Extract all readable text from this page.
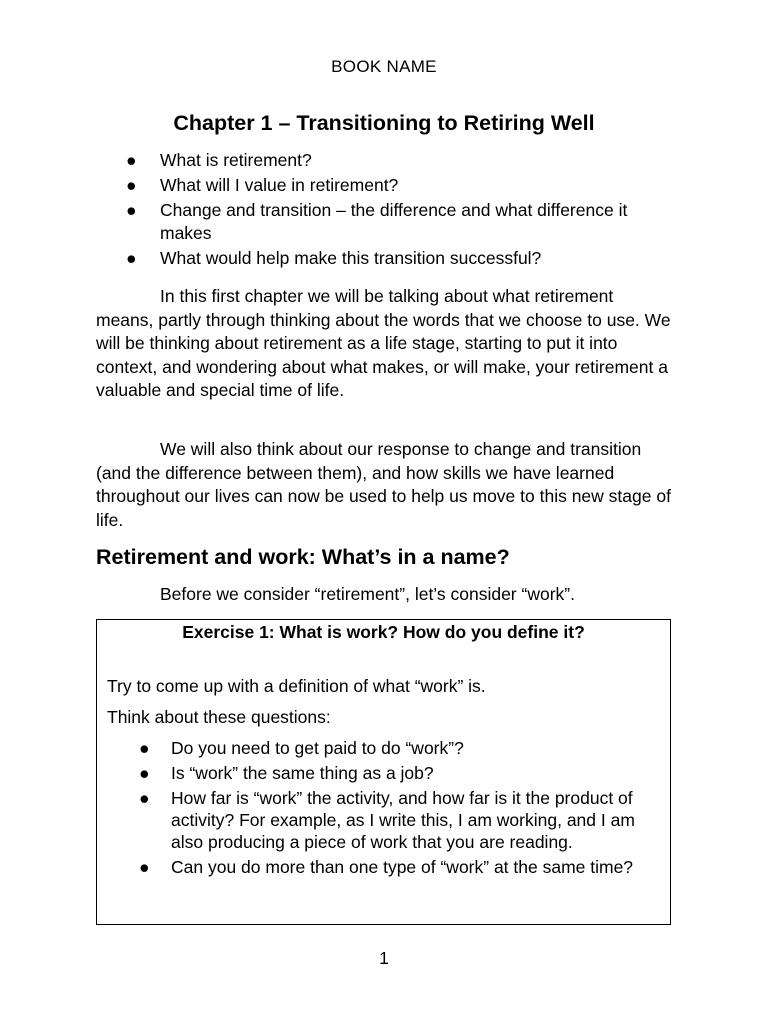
BOOK NAME
Chapter 1 – Transitioning to Retiring Well
● What is retirement?
● What will I value in retirement?
● Change and transition – the difference and what difference it makes
● What would help make this transition successful?

In this first chapter we will be talking about what retirement means, partly through thinking about the words that we choose to use. We will be thinking about retirement as a life stage, starting to put it into context, and wondering about what makes, or will make, your retirement a valuable and special time of life.

We will also think about our response to change and transition (and the difference between them), and how skills we have learned throughout our lives can now be used to help us move to this new stage of life.

Retirement and work: What’s in a name?

Before we consider “retirement”, let’s consider “work”.

Exercise 1: What is work? How do you define it?
Try to come up with a definition of what “work” is.
Think about these questions:
● Do you need to get paid to do “work”?
● Is “work” the same thing as a job?
● How far is “work” the activity, and how far is it the product of activity? For example, as I write this, I am working, and I am also producing a piece of work that you are reading.
● Can you do more than one type of “work” at the same time?
1
